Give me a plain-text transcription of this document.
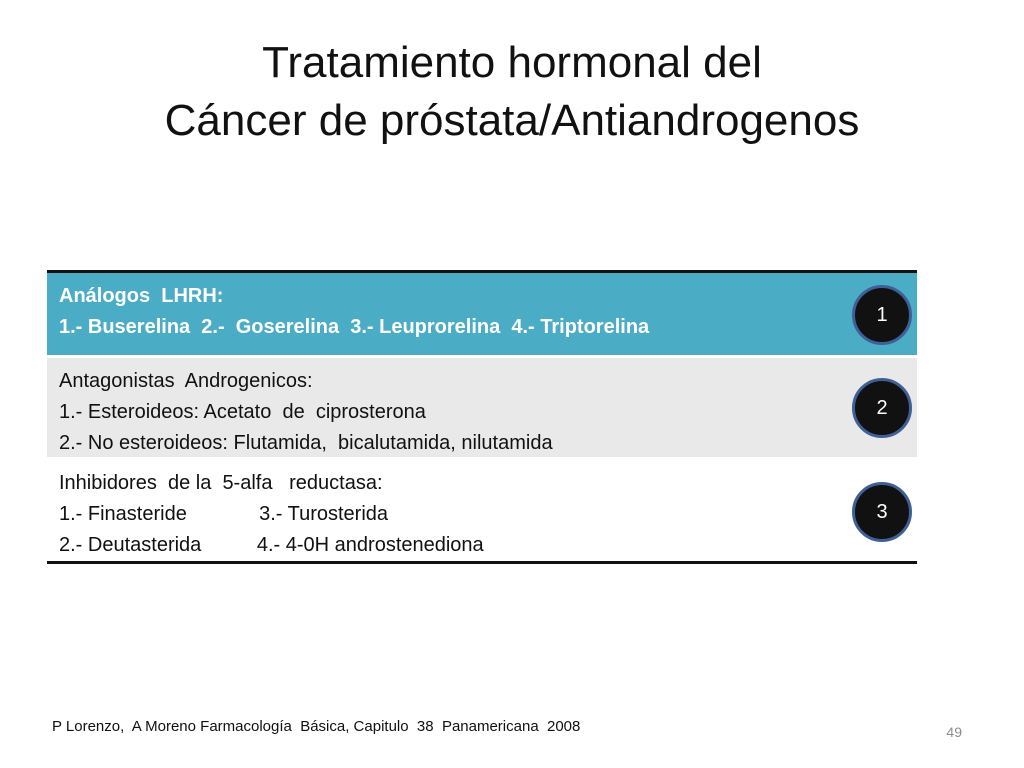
Tratamiento hormonal del
Cáncer de próstata/Antiandrogenos
Análogos  LHRH:
1.- Buserelina  2.-  Goserelina  3.- Leuprorelina  4.- Triptorelina
1
Antagonistas  Androgenicos:
1.- Esteroideos: Acetato  de  ciprosterona
2.- No esteroideos: Flutamida,  bicalutamida, nilutamida
2
Inhibidores  de la  5-alfa   reductasa:
1.- Finasteride             3.- Turosterida
2.- Deutasterida          4.- 4-0H androstenediona
3
P Lorenzo,  A Moreno Farmacología  Básica, Capitulo  38  Panamericana  2008	49
